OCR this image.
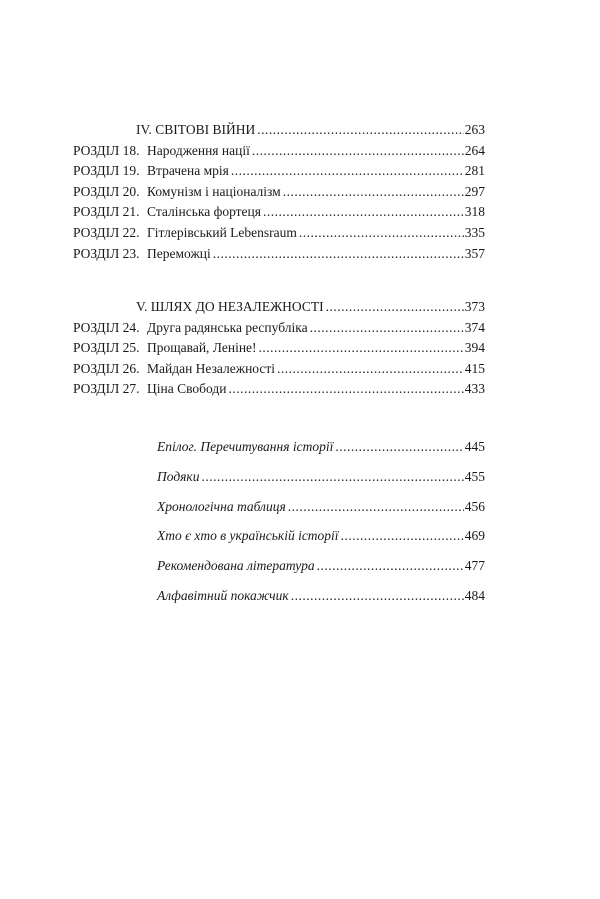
IV. СВІТОВІ ВІЙНИ .....	263
РОЗДІЛ 18. Народження нації .....	264
РОЗДІЛ 19. Втрачена мрія .....	281
РОЗДІЛ 20. Комунізм і націоналізм .....	297
РОЗДІЛ 21. Сталінська фортеця .....	318
РОЗДІЛ 22. Гітлерівський Lebensraum .....	335
РОЗДІЛ 23. Переможці .....	357
V. ШЛЯХ ДО НЕЗАЛЕЖНОСТІ .....	373
РОЗДІЛ 24. Друга радянська республіка .....	374
РОЗДІЛ 25. Прощавай, Леніне! .....	394
РОЗДІЛ 26. Майдан Незалежності .....	415
РОЗДІЛ 27. Ціна Свободи .....	433
Епілог. Перечитування історії .....	445
Подяки .....	455
Хронологічна таблиця .....	456
Хто є хто в українській історії .....	469
Рекомендована література .....	477
Алфавітний покажчик .....	484
